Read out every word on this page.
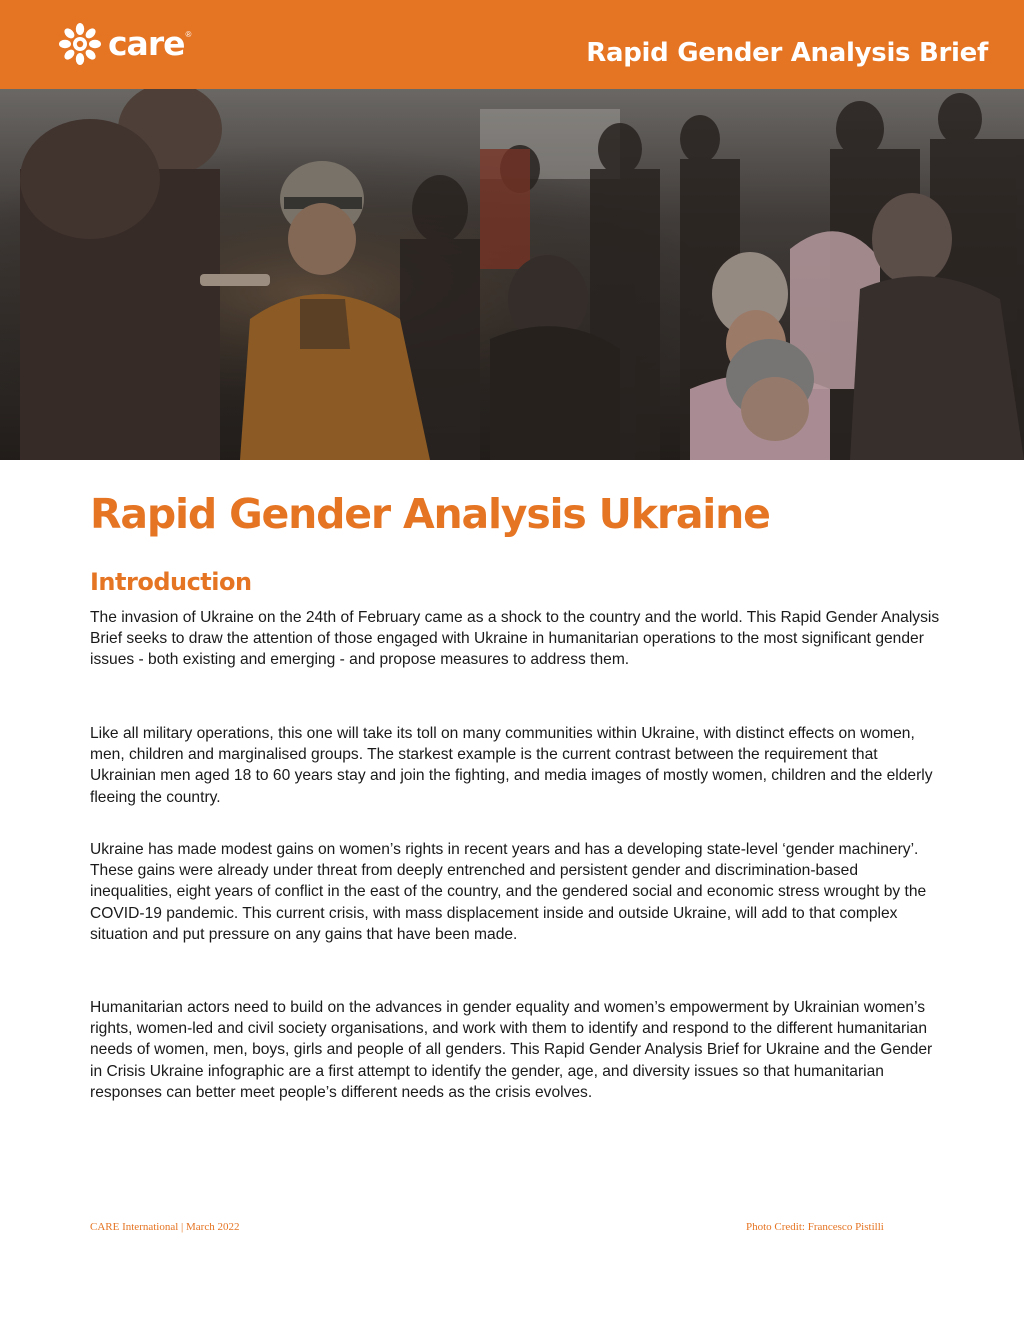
care ®
Rapid Gender Analysis Brief
Rapid Gender Analysis Ukraine
Introduction

The invasion of Ukraine on the 24th of February came as a shock to the country and the world. This Rapid Gender Analysis Brief seeks to draw the attention of those engaged with Ukraine in humanitarian operations to the most significant gender issues - both existing and emerging - and propose measures to address them.

Like all military operations, this one will take its toll on many communities within Ukraine, with distinct effects on women, men, children and marginalised groups. The starkest example is the current contrast between the requirement that Ukrainian men aged 18 to 60 years stay and join the fighting, and media images of mostly women, children and the elderly fleeing the country.

Ukraine has made modest gains on women’s rights in recent years and has a developing state-level ‘gender machinery’. These gains were already under threat from deeply entrenched and persistent gender and discrimination-based inequalities, eight years of conflict in the east of the country, and the gendered social and economic stress wrought by the COVID-19 pandemic. This current crisis, with mass displacement inside and outside Ukraine, will add to that complex situation and put pressure on any gains that have been made.

Humanitarian actors need to build on the advances in gender equality and women’s empowerment by Ukrainian women’s rights, women-led and civil society organisations, and work with them to identify and respond to the different humanitarian needs of women, men, boys, girls and people of all genders. This Rapid Gender Analysis Brief for Ukraine and the Gender in Crisis Ukraine infographic are a first attempt to identify the gender, age, and diversity issues so that humanitarian responses can better meet people’s different needs as the crisis evolves.

CARE International | March 2022	Photo Credit: Francesco Pistilli
